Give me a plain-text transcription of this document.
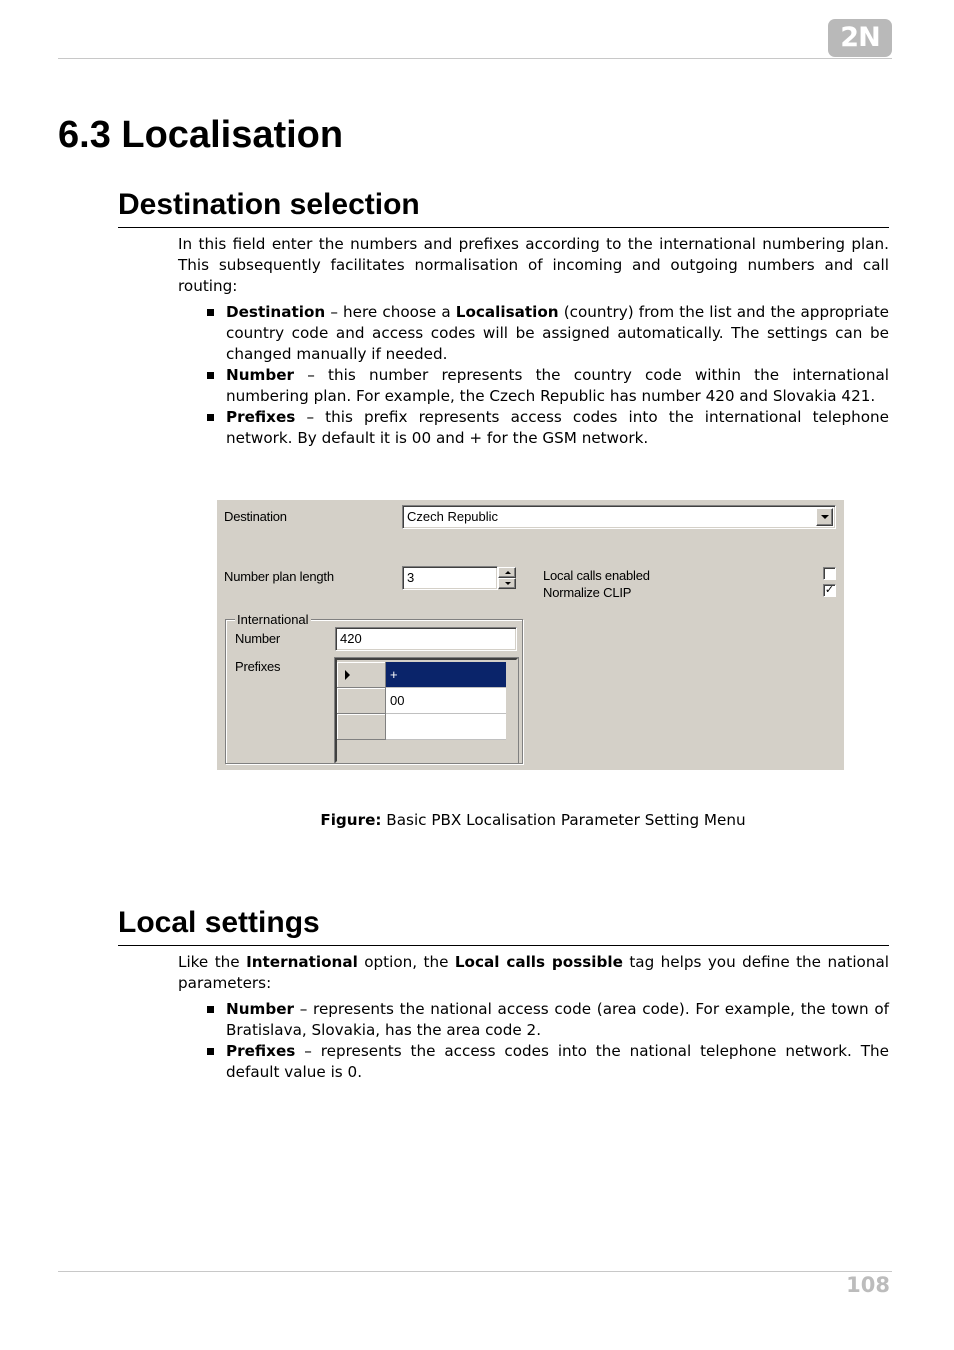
2N
6.3 Localisation
Destination selection

In this field enter the numbers and prefixes according to the international numbering plan. This subsequently facilitates normalisation of incoming and outgoing numbers and call routing:

Destination – here choose a Localisation (country) from the list and the appropriate country code and access codes will be assigned automatically. The settings can be changed manually if needed.
Number – this number represents the country code within the international numbering plan. For example, the Czech Republic has number 420 and Slovakia 421.
Prefixes – this prefix represents access codes into the international telephone network. By default it is 00 and + for the GSM network.
Destination	Czech Republic
Number plan length	3	Local calls enabled
Normalize CLIP	✓
International
Number	420
Prefixes
+
00
Figure: Basic PBX Localisation Parameter Setting Menu
Local settings

Like the International option, the Local calls possible tag helps you define the national parameters:

Number – represents the national access code (area code). For example, the town of Bratislava, Slovakia, has the area code 2.
Prefixes – represents the access codes into the national telephone network. The default value is 0.
108
